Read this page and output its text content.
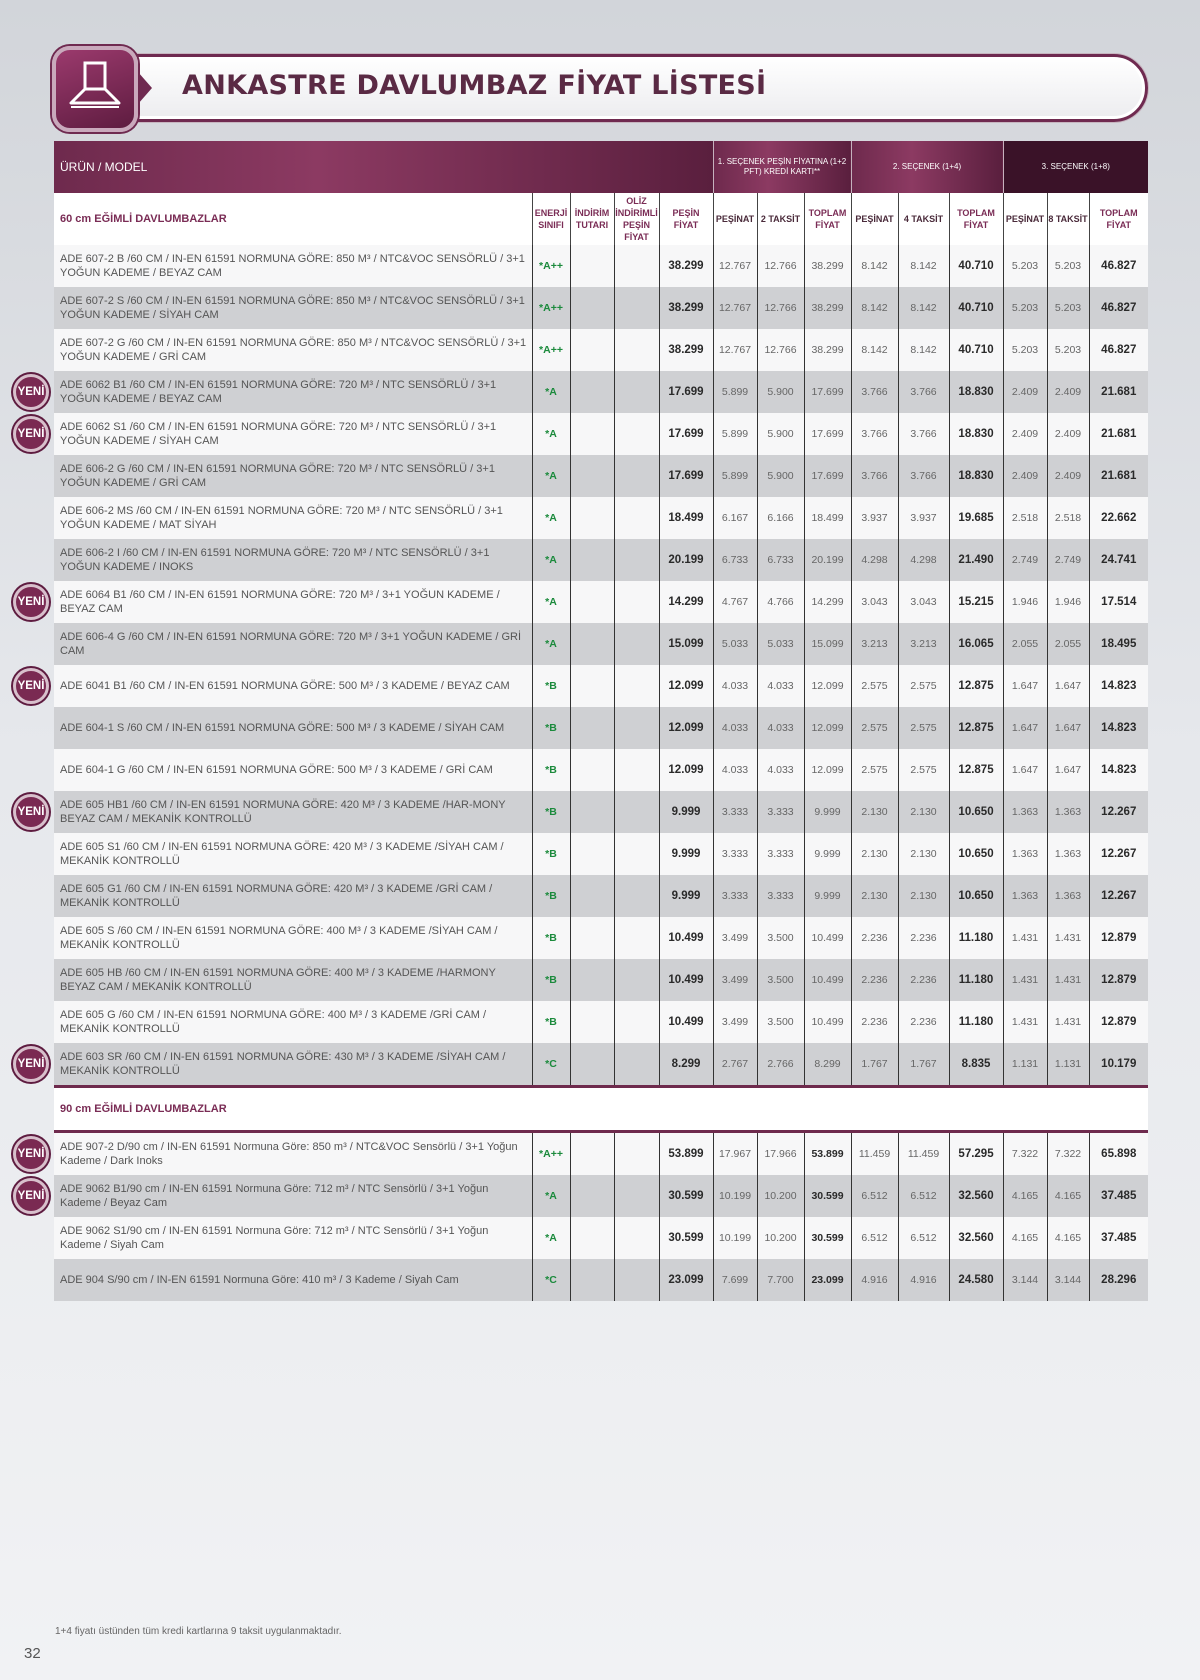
ANKASTRE DAVLUMBAZ FİYAT LİSTESİ
ÜRÜN / MODEL					1. SEÇENEK PEŞİN FİYATINA (1+2 PFT) KREDİ KARTI**			2. SEÇENEK (1+4)			3. SEÇENEK (1+8)		
60 cm EĞİMLİ DAVLUMBAZLAR	ENERJİ SINIFI	İNDİRİM TUTARI	OLİZ İNDİRİMLİ PEŞİN FİYAT	PEŞİN FİYAT	PEŞİNAT	2 TAKSİT	TOPLAM FİYAT	PEŞİNAT	4 TAKSİT	TOPLAM FİYAT	PEŞİNAT	8 TAKSİT	TOPLAM FİYAT
ADE 607-2 B /60 CM / IN-EN 61591 NORMUNA GÖRE: 850 M³ / NTC&VOC SENSÖRLÜ / 3+1 YOĞUN KADEME / BEYAZ CAM	*A++			38.299	12.767	12.766	38.299	8.142	8.142	40.710	5.203	5.203	46.827
ADE 607-2 S /60 CM / IN-EN 61591 NORMUNA GÖRE: 850 M³ / NTC&VOC SENSÖRLÜ / 3+1 YOĞUN KADEME / SİYAH CAM	*A++			38.299	12.767	12.766	38.299	8.142	8.142	40.710	5.203	5.203	46.827
ADE 607-2 G /60 CM / IN-EN 61591 NORMUNA GÖRE: 850 M³ / NTC&VOC SENSÖRLÜ / 3+1 YOĞUN KADEME / GRİ CAM	*A++			38.299	12.767	12.766	38.299	8.142	8.142	40.710	5.203	5.203	46.827
ADE 6062 B1 /60 CM / IN-EN 61591 NORMUNA GÖRE: 720 M³ / NTC SENSÖRLÜ / 3+1 YOĞUN KADEME / BEYAZ CAM	*A			17.699	5.899	5.900	17.699	3.766	3.766	18.830	2.409	2.409	21.681
ADE 6062 S1 /60 CM / IN-EN 61591 NORMUNA GÖRE: 720 M³ / NTC SENSÖRLÜ / 3+1 YOĞUN KADEME / SİYAH CAM	*A			17.699	5.899	5.900	17.699	3.766	3.766	18.830	2.409	2.409	21.681
ADE 606-2 G /60 CM / IN-EN 61591 NORMUNA GÖRE: 720 M³ / NTC SENSÖRLÜ / 3+1 YOĞUN KADEME / GRİ CAM	*A			17.699	5.899	5.900	17.699	3.766	3.766	18.830	2.409	2.409	21.681
ADE 606-2 MS /60 CM / IN-EN 61591 NORMUNA GÖRE: 720 M³ / NTC SENSÖRLÜ / 3+1 YOĞUN KADEME / MAT SİYAH	*A			18.499	6.167	6.166	18.499	3.937	3.937	19.685	2.518	2.518	22.662
ADE 606-2 I /60 CM / IN-EN 61591 NORMUNA GÖRE: 720 M³ / NTC SENSÖRLÜ / 3+1 YOĞUN KADEME / INOKS	*A			20.199	6.733	6.733	20.199	4.298	4.298	21.490	2.749	2.749	24.741
ADE 6064 B1 /60 CM / IN-EN 61591 NORMUNA GÖRE: 720 M³ / 3+1 YOĞUN KADEME / BEYAZ CAM	*A			14.299	4.767	4.766	14.299	3.043	3.043	15.215	1.946	1.946	17.514
ADE 606-4 G /60 CM / IN-EN 61591 NORMUNA GÖRE: 720 M³ / 3+1 YOĞUN KADEME / GRİ CAM	*A			15.099	5.033	5.033	15.099	3.213	3.213	16.065	2.055	2.055	18.495
ADE 6041 B1 /60 CM / IN-EN 61591 NORMUNA GÖRE: 500 M³ / 3 KADEME / BEYAZ CAM	*B			12.099	4.033	4.033	12.099	2.575	2.575	12.875	1.647	1.647	14.823
ADE 604-1 S /60 CM / IN-EN 61591 NORMUNA GÖRE: 500 M³ / 3 KADEME / SİYAH CAM	*B			12.099	4.033	4.033	12.099	2.575	2.575	12.875	1.647	1.647	14.823
ADE 604-1 G /60 CM / IN-EN 61591 NORMUNA GÖRE: 500 M³ / 3 KADEME / GRİ CAM	*B			12.099	4.033	4.033	12.099	2.575	2.575	12.875	1.647	1.647	14.823
ADE 605 HB1 /60 CM / IN-EN 61591 NORMUNA GÖRE: 420 M³ / 3 KADEME /HAR-MONY BEYAZ CAM / MEKANİK KONTROLLÜ	*B			9.999	3.333	3.333	9.999	2.130	2.130	10.650	1.363	1.363	12.267
ADE 605 S1 /60 CM / IN-EN 61591 NORMUNA GÖRE: 420 M³ / 3 KADEME /SİYAH CAM / MEKANİK KONTROLLÜ	*B			9.999	3.333	3.333	9.999	2.130	2.130	10.650	1.363	1.363	12.267
ADE 605 G1 /60 CM / IN-EN 61591 NORMUNA GÖRE: 420 M³ / 3 KADEME /GRİ CAM / MEKANİK KONTROLLÜ	*B			9.999	3.333	3.333	9.999	2.130	2.130	10.650	1.363	1.363	12.267
ADE 605 S /60 CM / IN-EN 61591 NORMUNA GÖRE: 400 M³ / 3 KADEME /SİYAH CAM / MEKANİK KONTROLLÜ	*B			10.499	3.499	3.500	10.499	2.236	2.236	11.180	1.431	1.431	12.879
ADE 605 HB /60 CM / IN-EN 61591 NORMUNA GÖRE: 400 M³ / 3 KADEME /HARMONY BEYAZ CAM / MEKANİK KONTROLLÜ	*B			10.499	3.499	3.500	10.499	2.236	2.236	11.180	1.431	1.431	12.879
ADE 605 G /60 CM / IN-EN 61591 NORMUNA GÖRE: 400 M³ / 3 KADEME /GRİ CAM / MEKANİK KONTROLLÜ	*B			10.499	3.499	3.500	10.499	2.236	2.236	11.180	1.431	1.431	12.879
ADE 603 SR /60 CM / IN-EN 61591 NORMUNA GÖRE: 430 M³ / 3 KADEME /SİYAH CAM / MEKANİK KONTROLLÜ	*C			8.299	2.767	2.766	8.299	1.767	1.767	8.835	1.131	1.131	10.179

90 cm EĞİMLİ DAVLUMBAZLAR													

ADE 907-2 D/90 cm / IN-EN 61591 Normuna Göre: 850 m³ / NTC&VOC Sensörlü / 3+1 Yoğun Kademe / Dark Inoks	*A++			53.899	17.967	17.966	53.899	11.459	11.459	57.295	7.322	7.322	65.898
ADE 9062 B1/90 cm / IN-EN 61591 Normuna Göre: 712 m³ / NTC Sensörlü / 3+1 Yoğun Kademe / Beyaz Cam	*A			30.599	10.199	10.200	30.599	6.512	6.512	32.560	4.165	4.165	37.485
ADE 9062 S1/90 cm / IN-EN 61591 Normuna Göre: 712 m³ / NTC Sensörlü / 3+1 Yoğun Kademe / Siyah Cam	*A			30.599	10.199	10.200	30.599	6.512	6.512	32.560	4.165	4.165	37.485
ADE 904 S/90 cm / IN-EN 61591 Normuna Göre: 410 m³ / 3 Kademe / Siyah Cam	*C			23.099	7.699	7.700	23.099	4.916	4.916	24.580	3.144	3.144	28.296
YENİ
YENİ
YENİ
YENİ
YENİ
YENİ
YENİ
YENİ
1+4 fiyatı üstünden tüm kredi kartlarına 9 taksit uygulanmaktadır.
32
